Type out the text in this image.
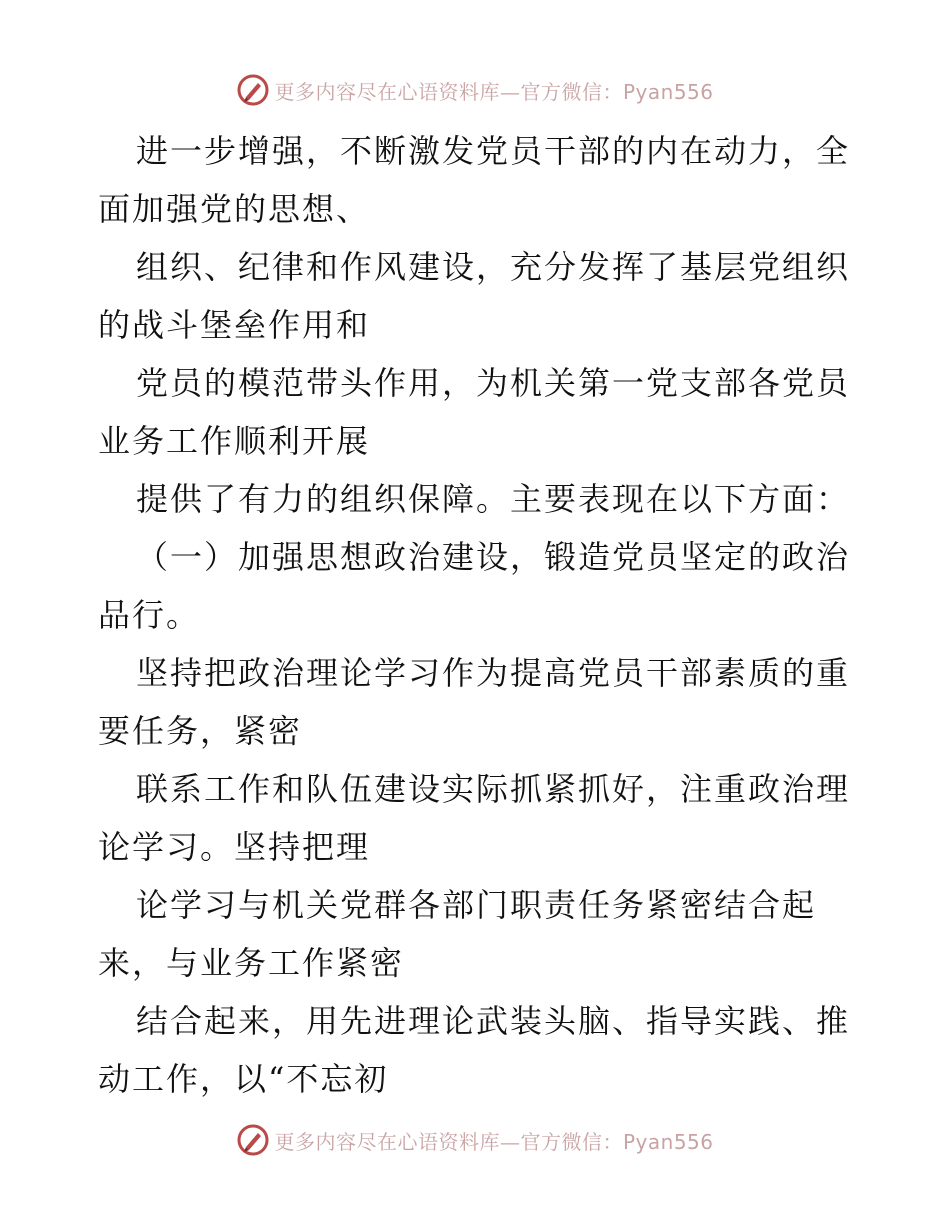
更多内容尽在心语资料库—官方微信：Pyan556

进一步增强，不断激发党员干部的内在动力，全
面加强党的思想、

组织、纪律和作风建设，充分发挥了基层党组织
的战斗堡垒作用和

党员的模范带头作用，为机关第一党支部各党员
业务工作顺利开展

提供了有力的组织保障。主要表现在以下方面：

（一）加强思想政治建设，锻造党员坚定的政治
品行。

坚持把政治理论学习作为提高党员干部素质的重
要任务，紧密

联系工作和队伍建设实际抓紧抓好，注重政治理
论学习。坚持把理

论学习与机关党群各部门职责任务紧密结合起
来，与业务工作紧密

结合起来，用先进理论武装头脑、指导实践、推
动工作，以“不忘初

更多内容尽在心语资料库—官方微信：Pyan556
